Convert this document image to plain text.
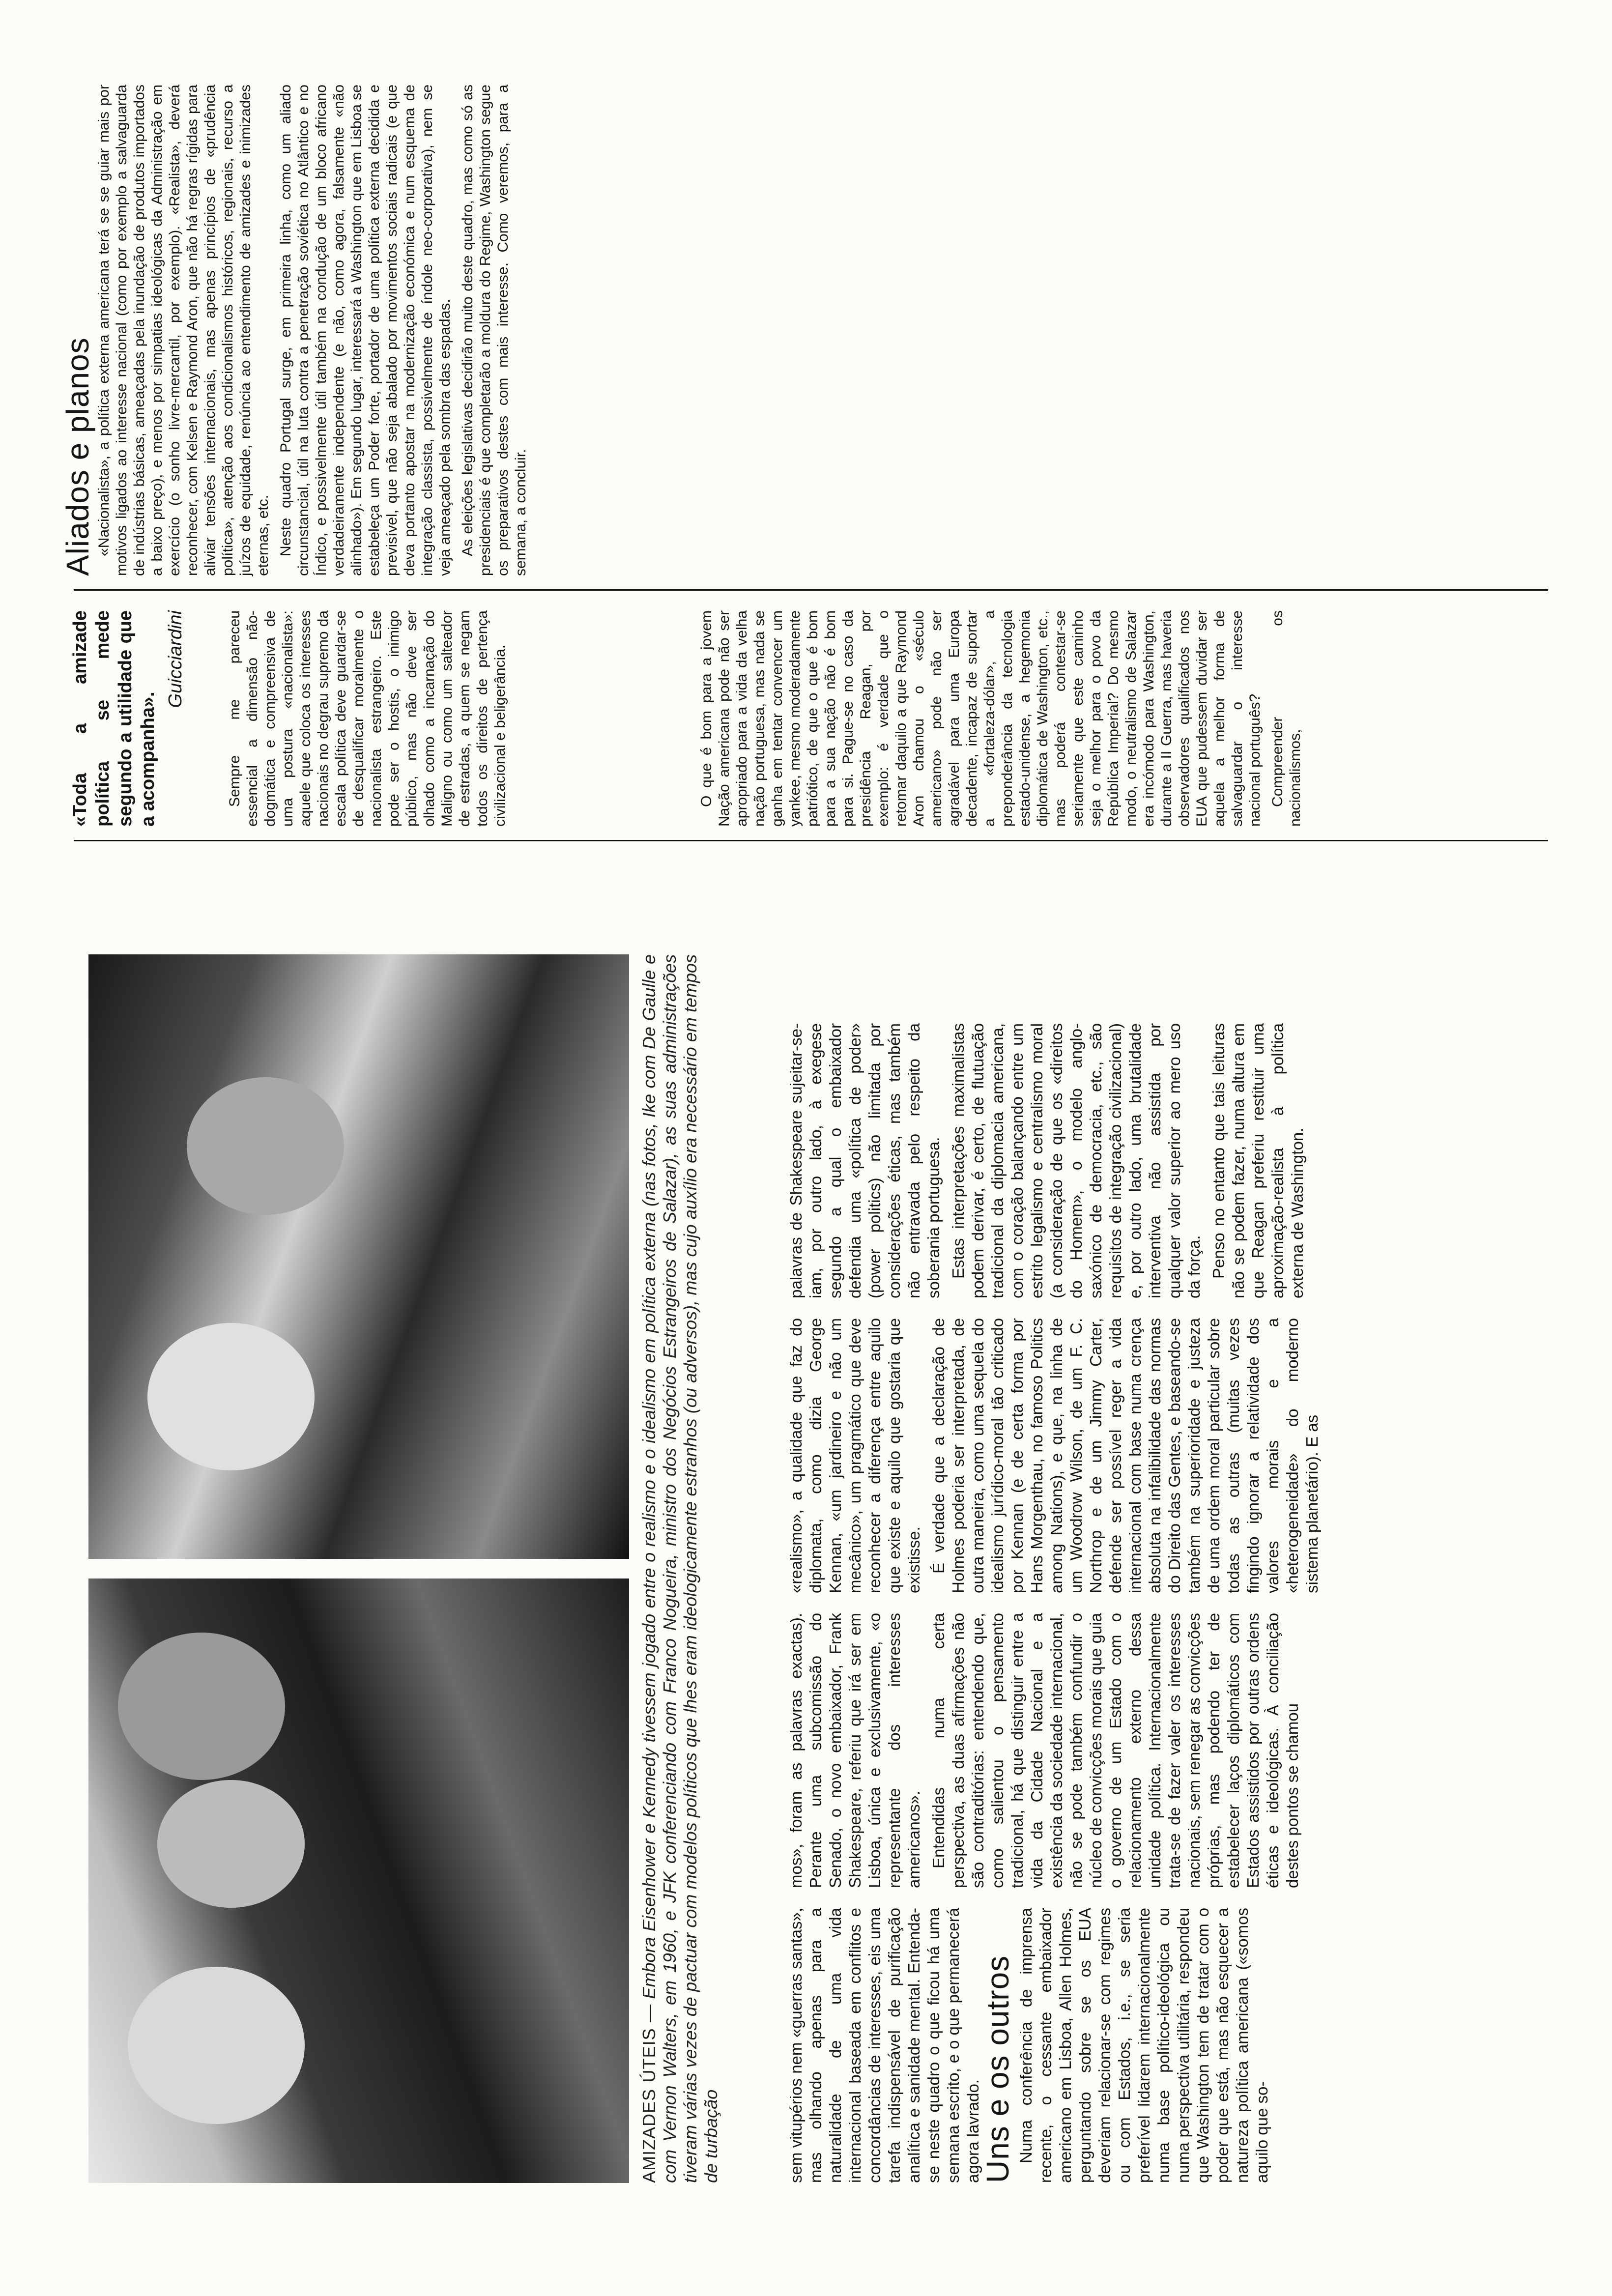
«Toda a amizade política se mede segundo a utilidade que a acompanha».

Guicciardini

AMIZADES ÚTEIS — Embora Eisenhower e Kennedy tivessem jogado entre o realismo e o idealismo em política externa (nas fotos, Ike com De Gaulle e com Vernon Walters, em 1960, e JFK conferenciando com Franco Nogueira, ministro dos Negócios Estrangeiros de Salazar), as suas administrações tiveram várias vezes de pactuar com modelos políticos que lhes eram ideologicamente estranhos (ou adversos), mas cujo auxílio era necessário em tempos de turbação

Sempre me pareceu essencial a dimensão não-dogmática e compreensiva de uma postura «nacionalista»: aquele que coloca os interesses nacionais no degrau supremo da escala política deve guardar-se de desqualificar moralmente o nacionalista estrangeiro. Este pode ser o hostis, o inimigo público, mas não deve ser olhado como a incarnação do Maligno ou como um salteador de estradas, a quem se negam todos os direitos de pertença civilizacional e beligerância.

sem vitupérios nem «guerras santas», mas olhando apenas para a naturalidade de uma vida internacional baseada em conflitos e concordâncias de interesses, eis uma tarefa indispensável de purificação analítica e sanidade mental. Entenda-se neste quadro o que ficou há uma semana escrito, e o que permanecerá agora lavrado.

Uns e os outros Numa conferência de imprensa recente, o cessante embaixador americano em Lisboa, Allen Holmes, perguntando sobre se os EUA deveriam relacionar-se com regimes ou com Estados, i.e., se seria preferível lidarem internacionalmente numa base político-ideológica ou numa perspectiva utilitária, respondeu que Washington tem de tratar com o poder que está, mas não esquecer a natureza política americana («somos aquilo que so-

mos», foram as palavras exactas). Perante uma subcomissão do Senado, o novo embaixador, Frank Shakespeare, referiu que irá ser em Lisboa, única e exclusivamente, «o representante dos interesses americanos». Entendidas numa certa perspectiva, as duas afirmações não são contraditórias: entendendo que, como salientou o pensamento tradicional, há que distinguir entre a vida da Cidade Nacional e a existência da sociedade internacional, não se pode também confundir o núcleo de convicções morais que guia o governo de um Estado com o relacionamento externo dessa unidade política. Internacionalmente trata-se de fazer valer os interesses nacionais, sem renegar as convicções próprias, mas podendo ter de estabelecer laços diplomáticos com Estados assistidos por outras ordens éticas e ideológicas. À conciliação destes pontos se chamou

«realismo», a qualidade que faz do diplomata, como dizia George Kennan, «um jardineiro e não um mecânico», um pragmático que deve reconhecer a diferença entre aquilo que existe e aquilo que gostaria que existisse. É verdade que a declaração de Holmes poderia ser interpretada, de outra maneira, como uma sequela do idealismo jurídico-moral tão criticado por Kennan (e de certa forma por Hans Morgenthau, no famoso Politics among Nations), e que, na linha de um Woodrow Wilson, de um F. C. Northrop e de um Jimmy Carter, defende ser possível reger a vida internacional com base numa crença absoluta na infalibilidade das normas do Direito das Gentes, e baseando-se também na superioridade e justeza de uma ordem moral particular sobre todas as outras (muitas vezes fingindo ignorar a relatividade dos valores morais e a «heterogeneidade» do moderno sistema planetário). E as

palavras de Shakespeare sujeitar-se-iam, por outro lado, à exegese segundo a qual o embaixador defendia uma «política de poder» (power politics) não limitada por considerações éticas, mas também não entravada pelo respeito da soberania portuguesa. Estas interpretações maximalistas podem derivar, é certo, de flutuação tradicional da diplomacia americana, com o coração balançando entre um estrito legalismo e centralismo moral (a consideração de que os «direitos do Homem», o modelo anglo-saxónico de democracia, etc., são requisitos de integração civilizacional) e, por outro lado, uma brutalidade interventiva não assistida por qualquer valor superior ao mero uso da força. Penso no entanto que tais leituras não se podem fazer, numa altura em que Reagan preferiu restituir uma aproximação-realista à política externa de Washington.

Aliados e planos «Nacionalista», a política externa americana terá se se guiar mais por motivos ligados ao interesse nacional (como por exemplo a salvaguarda de indústrias básicas, ameaçadas pela inundação de produtos importados a baixo preço), e menos por simpatias ideológicas da Administração em exercício (o sonho livre-mercantil, por exemplo). «Realista», deverá reconhecer, com Kelsen e Raymond Aron, que não há regras rígidas para aliviar tensões internacionais, mas apenas princípios de «prudência política», atenção aos condicionalismos históricos, regionais, recurso a juízos de equidade, renúncia ao entendimento de amizades e inimizades eternas, etc. Neste quadro Portugal surge, em primeira linha, como um aliado circunstancial, útil na luta contra a penetração soviética no Atlântico e no Índico, e possivelmente útil também na condução de um bloco africano verdadeiramente independente (e não, como agora, falsamente «não alinhado»). Em segundo lugar, interessará a Washington que em Lisboa se estabeleça um Poder forte, portador de uma política externa decidida e previsível, que não seja abalado por movimentos sociais radicais (e que deva portanto apostar na modernização económica e num esquema de integração classista, possivelmente de índole neo-corporativa), nem se veja ameaçado pela sombra das espadas. As eleições legislativas decidirão muito deste quadro, mas como só as presidenciais é que completarão a moldura do Regime, Washington segue os preparativos destes com mais interesse. Como veremos, para a semana, a concluir.

O que é bom para a jovem Nação americana pode não ser apropriado para a vida da velha nação portuguesa, mas nada se ganha em tentar convencer um yankee, mesmo moderadamente patriótico, de que o que é bom para a sua nação não é bom para si. Pague-se no caso da presidência Reagan, por exemplo: é verdade que o retomar daquilo a que Raymond Aron chamou o «século americano» pode não ser agradável para uma Europa decadente, incapaz de suportar a «fortaleza-dólar», a preponderância da tecnologia estado-unidense, a hegemonia diplomática de Washington, etc., mas poderá contestar-se seriamente que este caminho seja o melhor para o povo da República Imperial? Do mesmo modo, o neutralismo de Salazar era incómodo para Washington, durante a II Guerra, mas haveria observadores qualificados nos EUA que pudessem duvidar ser aquela a melhor forma de salvaguardar o interesse nacional português? Compreender os nacionalismos,
